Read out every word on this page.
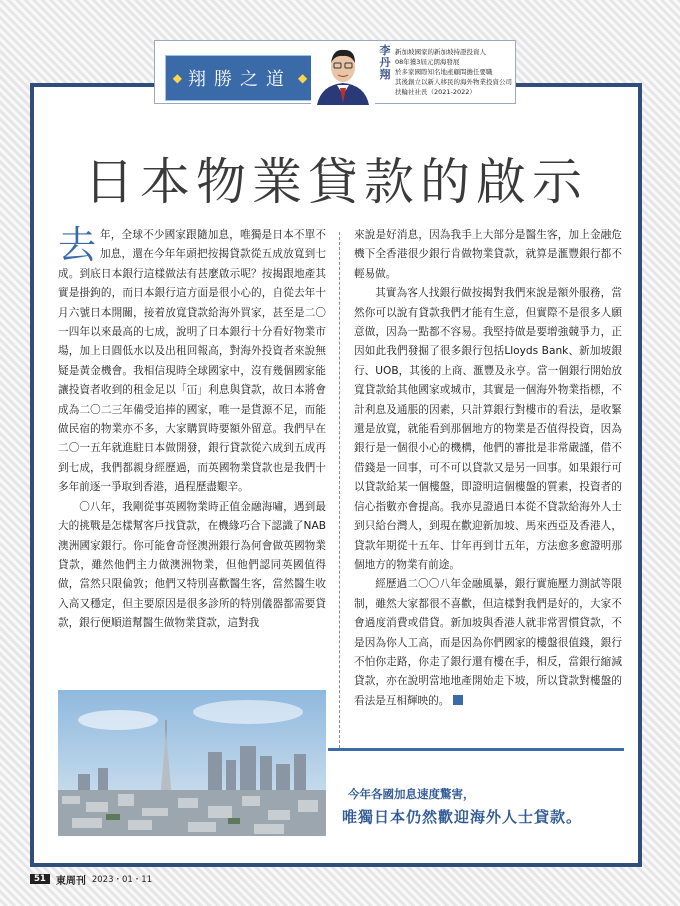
◆ 翔勝之道 ◆
李丹翔
新加坡國家的新加坡持證投資人
08年獲3屆元朗海發展
於多家國際知名地產顧問擔任要職
其後創立以新人移民的海外物業投資公司
扶輪社社長（2021-2022）
日本物業貸款的啟示

去年，全球不少國家跟隨加息，唯獨是日本不單不加息，還在今年年頭把按揭貸款從五成放寬到七成。到底日本銀行這樣做法有甚麼啟示呢？按揭跟地產其實是掛鉤的，而日本銀行這方面是很小心的，自從去年十月六號日本開關，接着放寬貸款給海外買家，甚至是二〇一四年以來最高的七成，說明了日本銀行十分看好物業市場，加上日圓低水以及出租回報高，對海外投資者來說無疑是黃金機會。我相信現時全球國家中，沒有幾個國家能讓投資者收到的租金足以「冚」利息與貸款，故日本將會成為二〇二三年備受追捧的國家，唯一是貨源不足，而能做民宿的物業亦不多，大家購買時要額外留意。我們早在二〇一五年就進駐日本做開發，銀行貸款從六成到五成再到七成，我們都親身經歷過，而英國物業貸款也是我們十多年前逐一爭取到香港，過程歷盡艱辛。

〇八年，我剛從事英國物業時正值金融海嘯，遇到最大的挑戰是怎樣幫客戶找貸款，在機緣巧合下認識了NAB澳洲國家銀行。你可能會奇怪澳洲銀行為何會做英國物業貸款，雖然他們主力做澳洲物業，但他們認同英國值得做，當然只限倫敦；他們又特別喜歡醫生客，當然醫生收入高又穩定，但主要原因是很多診所的特別儀器都需要貸款，銀行便順道幫醫生做物業貸款，這對我

來說是好消息，因為我手上大部分是醫生客，加上金融危機下全香港很少銀行肯做物業貸款，就算是滙豐銀行都不輕易做。

其實為客人找銀行做按揭對我們來說是額外服務，當然你可以說有貸款我們才能有生意，但實際不是很多人願意做，因為一點都不容易。我堅持做是要增強競爭力，正因如此我們發掘了很多銀行包括Lloyds Bank、新加坡銀行、UOB，其後的上商、滙豐及永亨。當一個銀行開始放寬貸款給其他國家或城市，其實是一個海外物業指標，不計利息及通脹的因素，只計算銀行對樓市的看法，是收緊還是放寬，就能看到那個地方的物業是否值得投資，因為銀行是一個很小心的機構，他們的審批是非常嚴謹，借不借錢是一回事，可不可以貸款又是另一回事。如果銀行可以貸款給某一個樓盤，即證明這個樓盤的質素，投資者的信心指數亦會提高。我亦見證過日本從不貸款給海外人士到只給台灣人，到現在歡迎新加坡、馬來西亞及香港人，貸款年期從十五年、廿年再到廿五年，方法愈多愈證明那個地方的物業有前途。

經歷過二〇〇八年金融風暴，銀行實施壓力測試等限制，雖然大家都很不喜歡，但這樣對我們是好的，大家不會過度消費或借貸。新加坡與香港人就非常習慣貸款，不是因為你人工高，而是因為你們國家的樓盤很值錢，銀行不怕你走路，你走了銀行還有樓在手，相反，當銀行縮減貸款，亦在說明當地地產開始走下坡，所以貸款對樓盤的看法是互相輝映的。

今年各國加息速度驚害，
唯獨日本仍然歡迎海外人士貸款。
51	東周刊 2023・01・11
